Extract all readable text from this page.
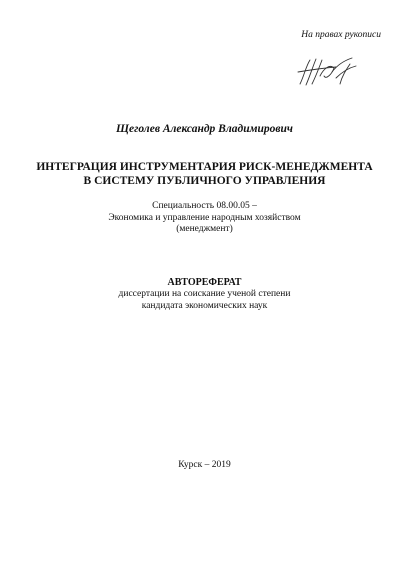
На правах рукописи
Щеголев Александр Владимирович
ИНТЕГРАЦИЯ ИНСТРУМЕНТАРИЯ РИСК-МЕНЕДЖМЕНТА
В СИСТЕМУ ПУБЛИЧНОГО УПРАВЛЕНИЯ
Специальность 08.00.05 –
Экономика и управление народным хозяйством
(менеджмент)
АВТОРЕФЕРАТ
диссертации на соискание ученой степени
кандидата экономических наук
Курск – 2019
